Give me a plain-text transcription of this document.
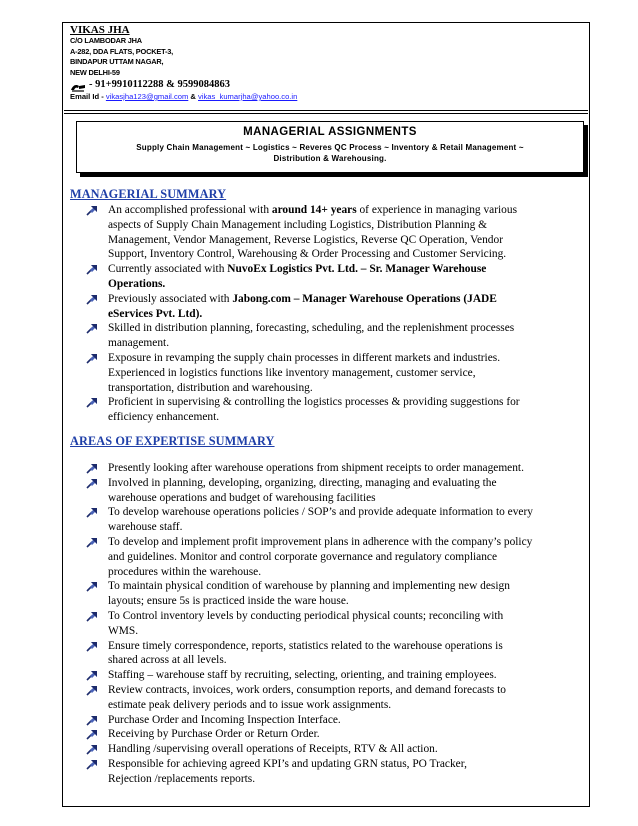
VIKAS JHA
C/O LAMBODAR JHA
A-282, DDA FLATS, POCKET-3,
BINDAPUR UTTAM NAGAR,
NEW DELHI-59
- 91+9910112288 & 9599084863
Email Id - vikasjha123@gmail.com & vikas_kumarjha@yahoo.co.in
MANAGERIAL ASSIGNMENTS
Supply Chain Management ~ Logistics ~ Reveres QC Process ~ Inventory & Retail Management ~
Distribution & Warehousing.
MANAGERIAL SUMMARY
An accomplished professional with around 14+ years of experience in managing various
aspects of Supply Chain Management including Logistics, Distribution Planning &
Management, Vendor Management, Reverse Logistics, Reverse QC Operation, Vendor
Support, Inventory Control, Warehousing & Order Processing and Customer Servicing.
Currently associated with NuvoEx Logistics Pvt. Ltd. – Sr. Manager Warehouse
Operations.
Previously associated with Jabong.com – Manager Warehouse Operations (JADE
eServices Pvt. Ltd).
Skilled in distribution planning, forecasting, scheduling, and the replenishment processes
management.
Exposure in revamping the supply chain processes in different markets and industries.
Experienced in logistics functions like inventory management, customer service,
transportation, distribution and warehousing.
Proficient in supervising & controlling the logistics processes & providing suggestions for
efficiency enhancement.
AREAS OF EXPERTISE SUMMARY
Presently looking after warehouse operations from shipment receipts to order management.
Involved in planning, developing, organizing, directing, managing and evaluating the
warehouse operations and budget of warehousing facilities
To develop warehouse operations policies / SOP’s and provide adequate information to every
warehouse staff.
To develop and implement profit improvement plans in adherence with the company’s policy
and guidelines. Monitor and control corporate governance and regulatory compliance
procedures within the warehouse.
To maintain physical condition of warehouse by planning and implementing new design
layouts; ensure 5s is practiced inside the ware house.
To Control inventory levels by conducting periodical physical counts; reconciling with
WMS.
Ensure timely correspondence, reports, statistics related to the warehouse operations is
shared across at all levels.
Staffing – warehouse staff by recruiting, selecting, orienting, and training employees.
Review contracts, invoices, work orders, consumption reports, and demand forecasts to
estimate peak delivery periods and to issue work assignments.
Purchase Order and Incoming Inspection Interface.
Receiving by Purchase Order or Return Order.
Handling /supervising overall operations of Receipts, RTV & All action.
Responsible for achieving agreed KPI’s and updating GRN status, PO Tracker,
Rejection /replacements reports.
